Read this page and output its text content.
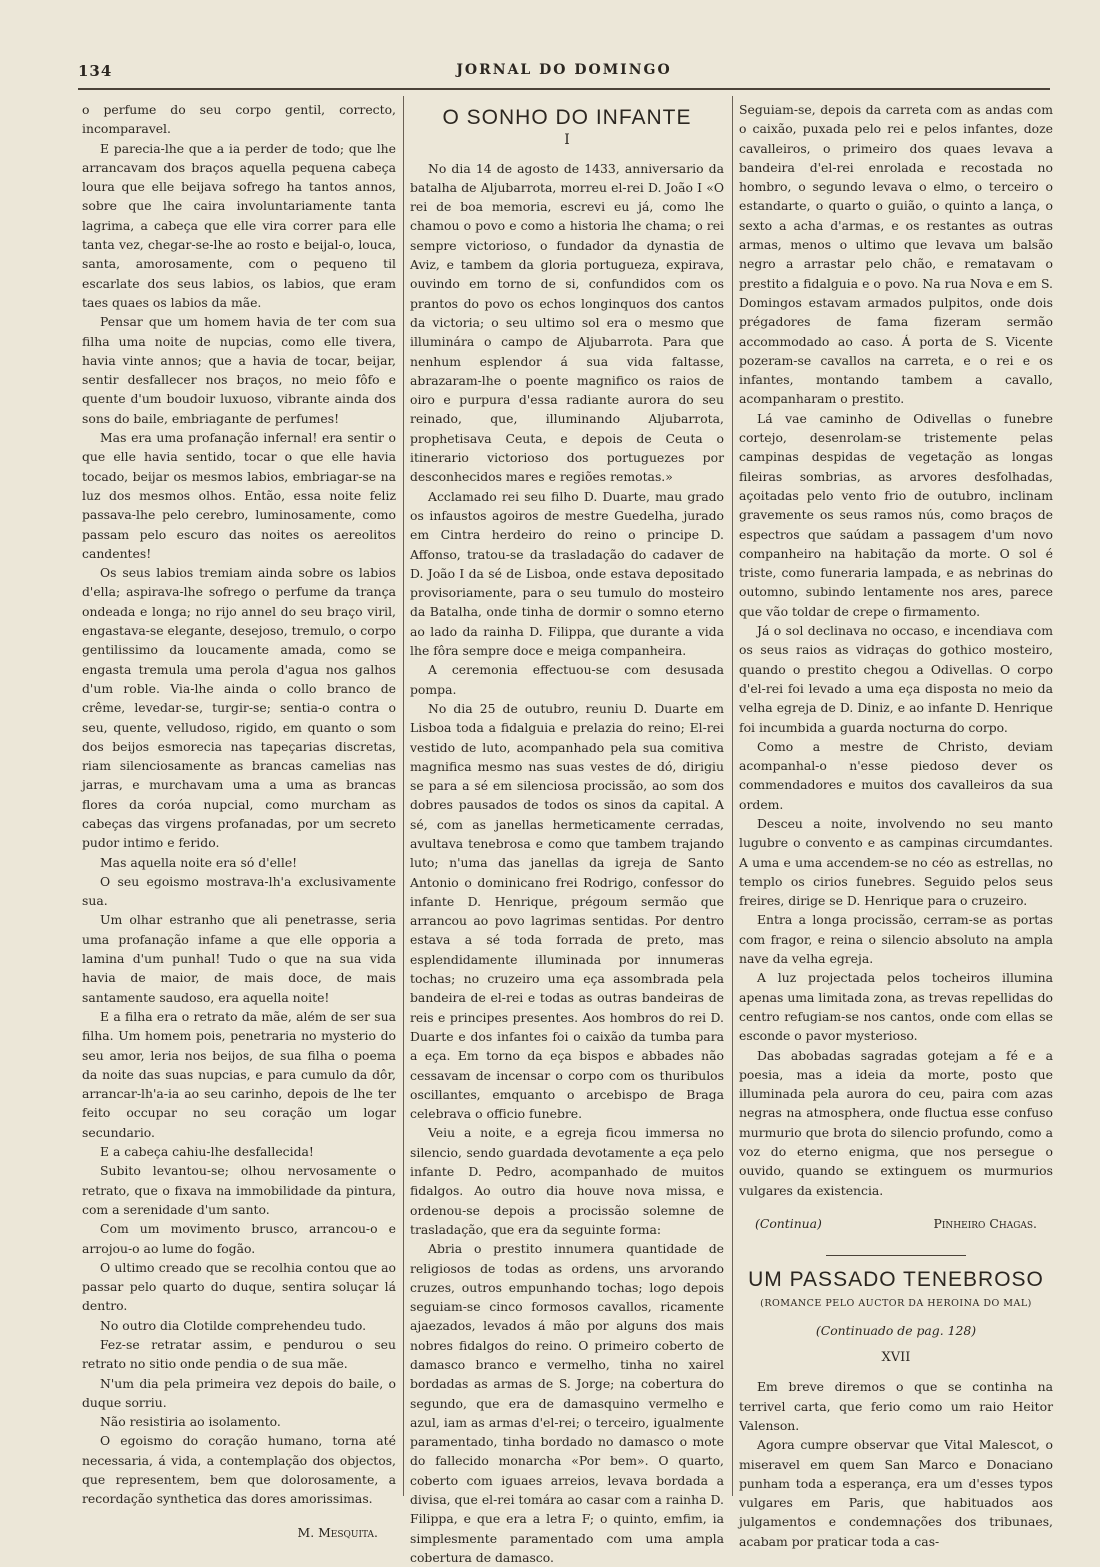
134	JORNAL DO DOMINGO

o perfume do seu corpo gentil, correcto, incomparavel.

E parecia-lhe que a ia perder de todo; que lhe arrancavam dos braços aquella pequena cabeça loura que elle beijava sofrego ha tantos annos, sobre que lhe caira involuntariamente tanta lagrima, a cabeça que elle vira correr para elle tanta vez, chegar-se-lhe ao rosto e beijal-o, louca, santa, amorosamente, com o pequeno til escarlate dos seus labios, os labios, que eram taes quaes os labios da mãe.

Pensar que um homem havia de ter com sua filha uma noite de nupcias, como elle tivera, havia vinte annos; que a havia de tocar, beijar, sentir desfallecer nos braços, no meio fôfo e quente d'um boudoir luxuoso, vibrante ainda dos sons do baile, embriagante de perfumes!

Mas era uma profanação infernal! era sentir o que elle havia sentido, tocar o que elle havia tocado, beijar os mesmos labios, embriagar-se na luz dos mesmos olhos. Então, essa noite feliz passava-lhe pelo cerebro, luminosamente, como passam pelo escuro das noites os aereolitos candentes!

Os seus labios tremiam ainda sobre os labios d'ella; aspirava-lhe sofrego o perfume da trança ondeada e longa; no rijo annel do seu braço viril, engastava-se elegante, desejoso, tremulo, o corpo gentilissimo da loucamente amada, como se engasta tremula uma perola d'agua nos galhos d'um roble. Via-lhe ainda o collo branco de crême, levedar-se, turgir-se; sentia-o contra o seu, quente, velludoso, rigido, em quanto o som dos beijos esmorecia nas tapeçarias discretas, riam silenciosamente as brancas camelias nas jarras, e murchavam uma a uma as brancas flores da coróa nupcial, como murcham as cabeças das virgens profanadas, por um secreto pudor intimo e ferido.

Mas aquella noite era só d'elle!

O seu egoismo mostrava-lh'a exclusivamente sua.

Um olhar estranho que ali penetrasse, seria uma profanação infame a que elle opporia a lamina d'um punhal! Tudo o que na sua vida havia de maior, de mais doce, de mais santamente saudoso, era aquella noite!

E a filha era o retrato da mãe, além de ser sua filha. Um homem pois, penetraria no mysterio do seu amor, leria nos beijos, de sua filha o poema da noite das suas nupcias, e para cumulo da dôr, arrancar-lh'a-ia ao seu carinho, depois de lhe ter feito occupar no seu coração um logar secundario.

E a cabeça cahiu-lhe desfallecida!

Subito levantou-se; olhou nervosamente o retrato, que o fixava na immobilidade da pintura, com a serenidade d'um santo.

Com um movimento brusco, arrancou-o e arrojou-o ao lume do fogão.

O ultimo creado que se recolhia contou que ao passar pelo quarto do duque, sentira soluçar lá dentro.

No outro dia Clotilde comprehendeu tudo.

Fez-se retratar assim, e pendurou o seu retrato no sitio onde pendia o de sua mãe.

N'um dia pela primeira vez depois do baile, o duque sorriu.

Não resistiria ao isolamento.

O egoismo do coração humano, torna até necessaria, á vida, a contemplação dos objectos, que representem, bem que dolorosamente, a recordação synthetica das dores amorissimas.

M. Mesquita.
O SONHO DO INFANTE
I

No dia 14 de agosto de 1433, anniversario da batalha de Aljubarrota, morreu el-rei D. João I «O rei de boa memoria, escrevi eu já, como lhe chamou o povo e como a historia lhe chama; o rei sempre victorioso, o fundador da dynastia de Aviz, e tambem da gloria portugueza, expirava, ouvindo em torno de si, confundidos com os prantos do povo os echos longinquos dos cantos da victoria; o seu ultimo sol era o mesmo que illuminára o campo de Aljubarrota. Para que nenhum esplendor á sua vida faltasse, abrazaram-lhe o poente magnifico os raios de oiro e purpura d'essa radiante aurora do seu reinado, que, illuminando Aljubarrota, prophetisava Ceuta, e depois de Ceuta o itinerario victorioso dos portuguezes por desconhecidos mares e regiões remotas.»

Acclamado rei seu filho D. Duarte, mau grado os infaustos agoiros de mestre Guedelha, jurado em Cintra herdeiro do reino o principe D. Affonso, tratou-se da trasladação do cadaver de D. João I da sé de Lisboa, onde estava depositado provisoriamente, para o seu tumulo do mosteiro da Batalha, onde tinha de dormir o somno eterno ao lado da rainha D. Filippa, que durante a vida lhe fôra sempre doce e meiga companheira.

A ceremonia effectuou-se com desusada pompa.

No dia 25 de outubro, reuniu D. Duarte em Lisboa toda a fidalguia e prelazia do reino; El-rei vestido de luto, acompanhado pela sua comitiva magnifica mesmo nas suas vestes de dó, dirigiu se para a sé em silenciosa procissão, ao som dos dobres pausados de todos os sinos da capital. A sé, com as janellas hermeticamente cerradas, avultava tenebrosa e como que tambem trajando luto; n'uma das janellas da igreja de Santo Antonio o dominicano frei Rodrigo, confessor do infante D. Henrique, prégoum sermão que arrancou ao povo lagrimas sentidas. Por dentro estava a sé toda forrada de preto, mas esplendidamente illuminada por innumeras tochas; no cruzeiro uma eça assombrada pela bandeira de el-rei e todas as outras bandeiras de reis e principes presentes. Aos hombros do rei D. Duarte e dos infantes foi o caixão da tumba para a eça. Em torno da eça bispos e abbades não cessavam de incensar o corpo com os thuribulos oscillantes, emquanto o arcebispo de Braga celebrava o officio funebre.

Veiu a noite, e a egreja ficou immersa no silencio, sendo guardada devotamente a eça pelo infante D. Pedro, acompanhado de muitos fidalgos. Ao outro dia houve nova missa, e ordenou-se depois a procissão solemne de trasladação, que era da seguinte forma:

Abria o prestito innumera quantidade de religiosos de todas as ordens, uns arvorando cruzes, outros empunhando tochas; logo depois seguiam-se cinco formosos cavallos, ricamente ajaezados, levados á mão por alguns dos mais nobres fidalgos do reino. O primeiro coberto de damasco branco e vermelho, tinha no xairel bordadas as armas de S. Jorge; na cobertura do segundo, que era de damasquino vermelho e azul, iam as armas d'el-rei; o terceiro, igualmente paramentado, tinha bordado no damasco o mote do fallecido monarcha «Por bem». O quarto, coberto com iguaes arreios, levava bordada a divisa, que el-rei tomára ao casar com a rainha D. Filippa, e que era a letra F; o quinto, emfim, ia simplesmente paramentado com uma ampla cobertura de damasco.

Seguiam-se, depois da carreta com as andas com o caixão, puxada pelo rei e pelos infantes, doze cavalleiros, o primeiro dos quaes levava a bandeira d'el-rei enrolada e recostada no hombro, o segundo levava o elmo, o terceiro o estandarte, o quarto o guião, o quinto a lança, o sexto a acha d'armas, e os restantes as outras armas, menos o ultimo que levava um balsão negro a arrastar pelo chão, e rematavam o prestito a fidalguia e o povo. Na rua Nova e em S. Domingos estavam armados pulpitos, onde dois prégadores de fama fizeram sermão accommodado ao caso. Á porta de S. Vicente pozeram-se cavallos na carreta, e o rei e os infantes, montando tambem a cavallo, acompanharam o prestito.

Lá vae caminho de Odivellas o funebre cortejo, desenrolam-se tristemente pelas campinas despidas de vegetação as longas fileiras sombrias, as arvores desfolhadas, açoitadas pelo vento frio de outubro, inclinam gravemente os seus ramos nús, como braços de espectros que saúdam a passagem d'um novo companheiro na habitação da morte. O sol é triste, como funeraria lampada, e as nebrinas do outomno, subindo lentamente nos ares, parece que vão toldar de crepe o firmamento.

Já o sol declinava no occaso, e incendiava com os seus raios as vidraças do gothico mosteiro, quando o prestito chegou a Odivellas. O corpo d'el-rei foi levado a uma eça disposta no meio da velha egreja de D. Diniz, e ao infante D. Henrique foi incumbida a guarda nocturna do corpo.

Como a mestre de Christo, deviam acompanhal-o n'esse piedoso dever os commendadores e muitos dos cavalleiros da sua ordem.

Desceu a noite, involvendo no seu manto lugubre o convento e as campinas circumdantes. A uma e uma accendem-se no céo as estrellas, no templo os cirios funebres. Seguido pelos seus freires, dirige se D. Henrique para o cruzeiro.

Entra a longa procissão, cerram-se as portas com fragor, e reina o silencio absoluto na ampla nave da velha egreja.

A luz projectada pelos tocheiros illumina apenas uma limitada zona, as trevas repellidas do centro refugiam-se nos cantos, onde com ellas se esconde o pavor mysterioso.

Das abobadas sagradas gotejam a fé e a poesia, mas a ideia da morte, posto que illuminada pela aurora do ceu, paira com azas negras na atmosphera, onde fluctua esse confuso murmurio que brota do silencio profundo, como a voz do eterno enigma, que nos persegue o ouvido, quando se extinguem os murmurios vulgares da existencia.

(Continua)	Pinheiro Chagas.
UM PASSADO TENEBROSO
(ROMANCE PELO AUCTOR DA HEROINA DO MAL)
(Continuado de pag. 128)
XVII

Em breve diremos o que se continha na terrivel carta, que ferio como um raio Heitor Valenson.

Agora cumpre observar que Vital Malescot, o miseravel em quem San Marco e Donaciano punham toda a esperança, era um d'esses typos vulgares em Paris, que habituados aos julgamentos e condemnações dos tribunaes, acabam por praticar toda a cas-
